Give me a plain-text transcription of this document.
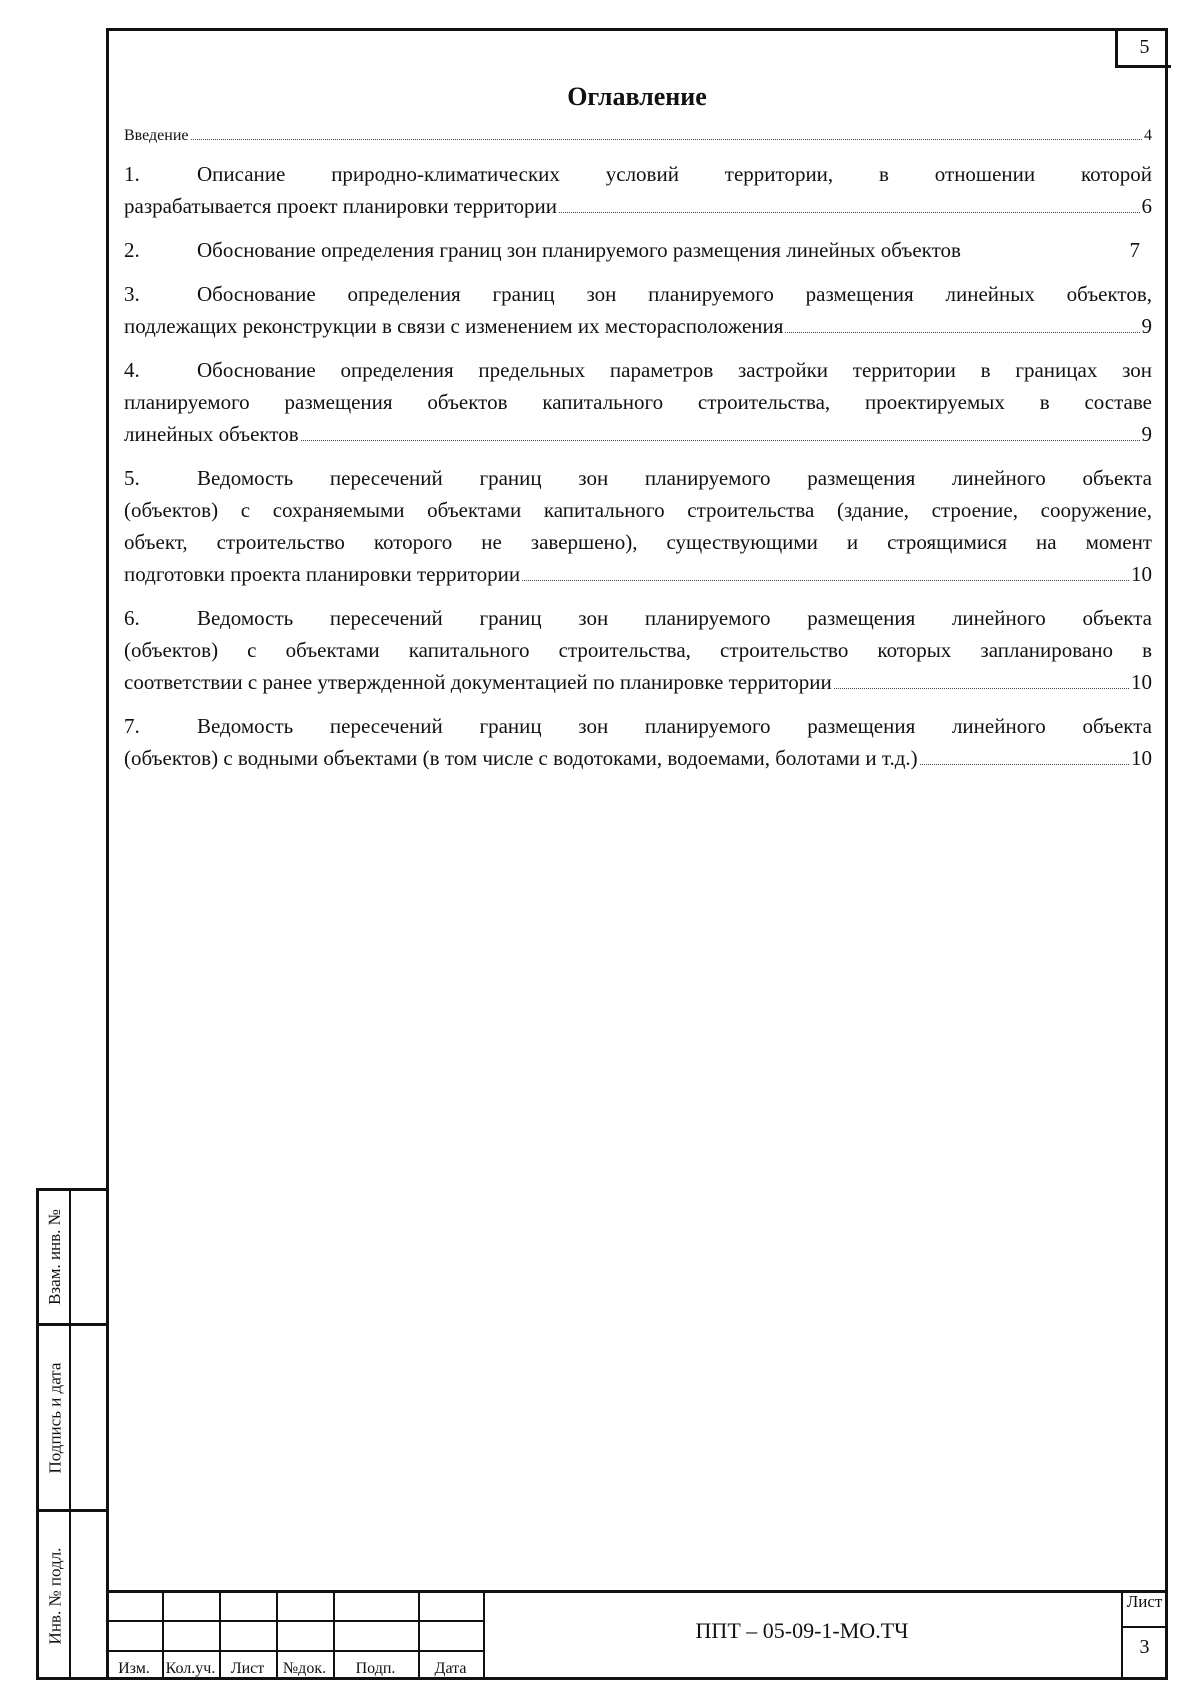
5
Оглавление
Введение	4

1.	Описание природно-климатических условий территории, в отношении которой

разрабатывается проект планировки территории	6
2.	Обоснование определения границ зон планируемого размещения линейных объектов	7

3.	Обоснование определения границ зон планируемого размещения линейных объектов,

подлежащих реконструкции в связи с изменением их месторасположения	9

4.	Обоснование определения предельных параметров застройки территории в границах зон

планируемого размещения объектов капитального строительства, проектируемых в составе

линейных объектов	9

5.	Ведомость пересечений границ зон планируемого размещения линейного объекта

(объектов) с сохраняемыми объектами капитального строительства (здание, строение, сооружение,

объект, строительство которого не завершено), существующими и строящимися на момент

подготовки проекта планировки территории	10

6.	Ведомость пересечений границ зон планируемого размещения линейного объекта

(объектов) с объектами капитального строительства, строительство которых запланировано в

соответствии с ранее утвержденной документацией по планировке территории	10

7.	Ведомость пересечений границ зон планируемого размещения линейного объекта

(объектов) с водными объектами (в том числе с водотоками, водоемами, болотами и т.д.)	10
Взам. инв. №
Подпись и дата
Инв. № подл.
Изм. Кол.уч. Лист	№док.	Подп.	Дата
ППТ – 05-09-1-МО.ТЧ
Лист
3
